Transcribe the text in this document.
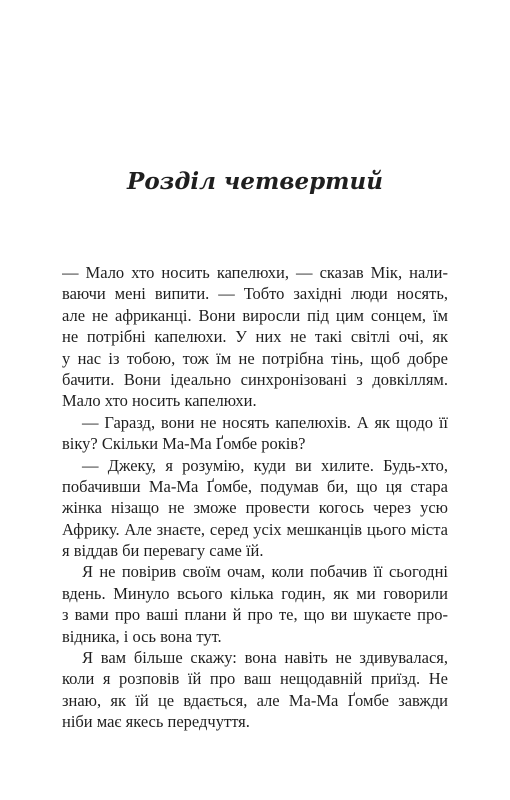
Розділ четвертий
— Мало хто носить капелюхи, — сказав Мік, нали-
ваючи мені випити. — Тобто західні люди носять,
але не африканці. Вони виросли під цим сонцем, їм
не потрібні капелюхи. У них не такі світлі очі, як
у нас із тобою, тож їм не потрібна тінь, щоб добре
бачити. Вони ідеально синхронізовані з довкіллям.
Мало хто носить капелюхи.
— Гаразд, вони не носять капелюхів. А як щодо її
віку? Скільки Ма-Ма Ґомбе років?
— Джеку, я розумію, куди ви хилите. Будь-хто,
побачивши Ма-Ма Ґомбе, подумав би, що ця стара
жінка нізащо не зможе провести когось через усю
Африку. Але знаєте, серед усіх мешканців цього міста
я віддав би перевагу саме їй.
Я не повірив своїм очам, коли побачив її сьогодні
вдень. Минуло всього кілька годин, як ми говорили
з вами про ваші плани й про те, що ви шукаєте про-
відника, і ось вона тут.
Я вам більше скажу: вона навіть не здивувалася,
коли я розповів їй про ваш нещодавній приїзд. Не
знаю, як їй це вдається, але Ма-Ма Ґомбе завжди
ніби має якесь передчуття.
